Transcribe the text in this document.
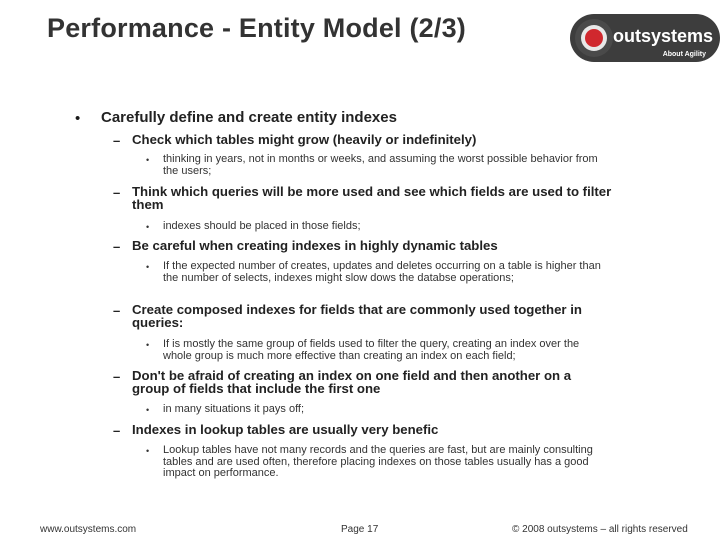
Performance - Entity Model (2/3)	outsystems
About Agility
• Carefully define and create entity indexes
– Check which tables might grow (heavily or indefinitely)
• thinking in years, not in months or weeks, and assuming the worst possible behavior from the users;
– Think which queries will be more used and see which fields are used to filter them
• indexes should be placed in those fields;
– Be careful when creating indexes in highly dynamic tables
• If the expected number of creates, updates and deletes occurring on a table is higher than the number of selects, indexes might slow dows the databse operations;
– Create composed indexes for fields that are commonly used together in queries:
• If is mostly the same group of fields used to filter the query, creating an index over the whole group is much more effective than creating an index on each field;
– Don't be afraid of creating an index on one field and then another on a group of fields that include the first one
• in many situations it pays off;
– Indexes in lookup tables are usually very benefic
• Lookup tables have not many records and the queries are fast, but are mainly consulting tables and are used often, therefore placing indexes on those tables usually has a good impact on performance.
www.outsystems.com	Page 17	© 2008 outsystems – all rights reserved
